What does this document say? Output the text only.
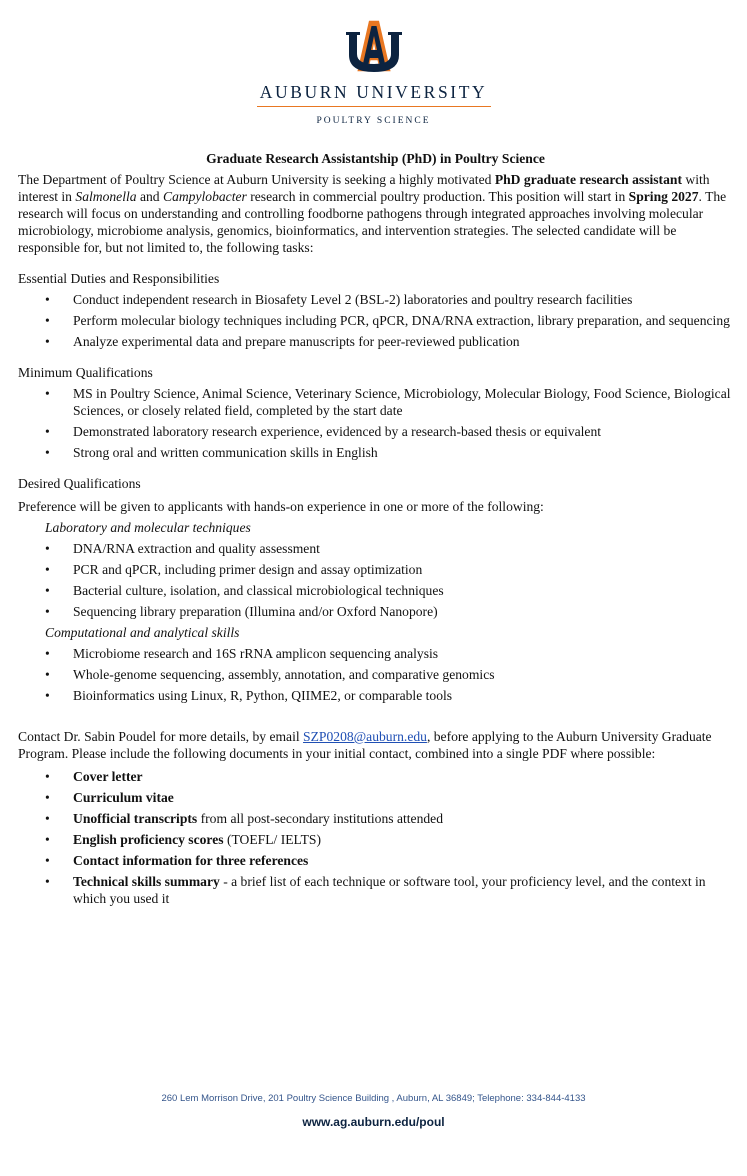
AUBURN UNIVERSITY
POULTRY SCIENCE

Graduate Research Assistantship (PhD) in Poultry Science

The Department of Poultry Science at Auburn University is seeking a highly motivated PhD graduate research assistant with interest in Salmonella and Campylobacter research in commercial poultry production. This position will start in Spring 2027. The research will focus on understanding and controlling foodborne pathogens through integrated approaches involving molecular microbiology, microbiome analysis, genomics, bioinformatics, and intervention strategies. The selected candidate will be responsible for, but not limited to, the following tasks:

Essential Duties and Responsibilities

• Conduct independent research in Biosafety Level 2 (BSL-2) laboratories and poultry research facilities
• Perform molecular biology techniques including PCR, qPCR, DNA/RNA extraction, library preparation, and sequencing
• Analyze experimental data and prepare manuscripts for peer-reviewed publication

Minimum Qualifications

• MS in Poultry Science, Animal Science, Veterinary Science, Microbiology, Molecular Biology, Food Science, Biological Sciences, or closely related field, completed by the start date
• Demonstrated laboratory research experience, evidenced by a research-based thesis or equivalent
• Strong oral and written communication skills in English

Desired Qualifications

Preference will be given to applicants with hands-on experience in one or more of the following:

Laboratory and molecular techniques

• DNA/RNA extraction and quality assessment
• PCR and qPCR, including primer design and assay optimization
• Bacterial culture, isolation, and classical microbiological techniques
• Sequencing library preparation (Illumina and/or Oxford Nanopore)

Computational and analytical skills

• Microbiome research and 16S rRNA amplicon sequencing analysis
• Whole-genome sequencing, assembly, annotation, and comparative genomics
• Bioinformatics using Linux, R, Python, QIIME2, or comparable tools

Contact Dr. Sabin Poudel for more details, by email SZP0208@auburn.edu, before applying to the Auburn University Graduate Program. Please include the following documents in your initial contact, combined into a single PDF where possible:

• Cover letter
• Curriculum vitae
• Unofficial transcripts from all post-secondary institutions attended
• English proficiency scores (TOEFL/ IELTS)
• Contact information for three references
• Technical skills summary - a brief list of each technique or software tool, your proficiency level, and the context in which you used it
260 Lem Morrison Drive, 201 Poultry Science Building , Auburn, AL 36849; Telephone: 334-844-4133
www.ag.auburn.edu/poul
